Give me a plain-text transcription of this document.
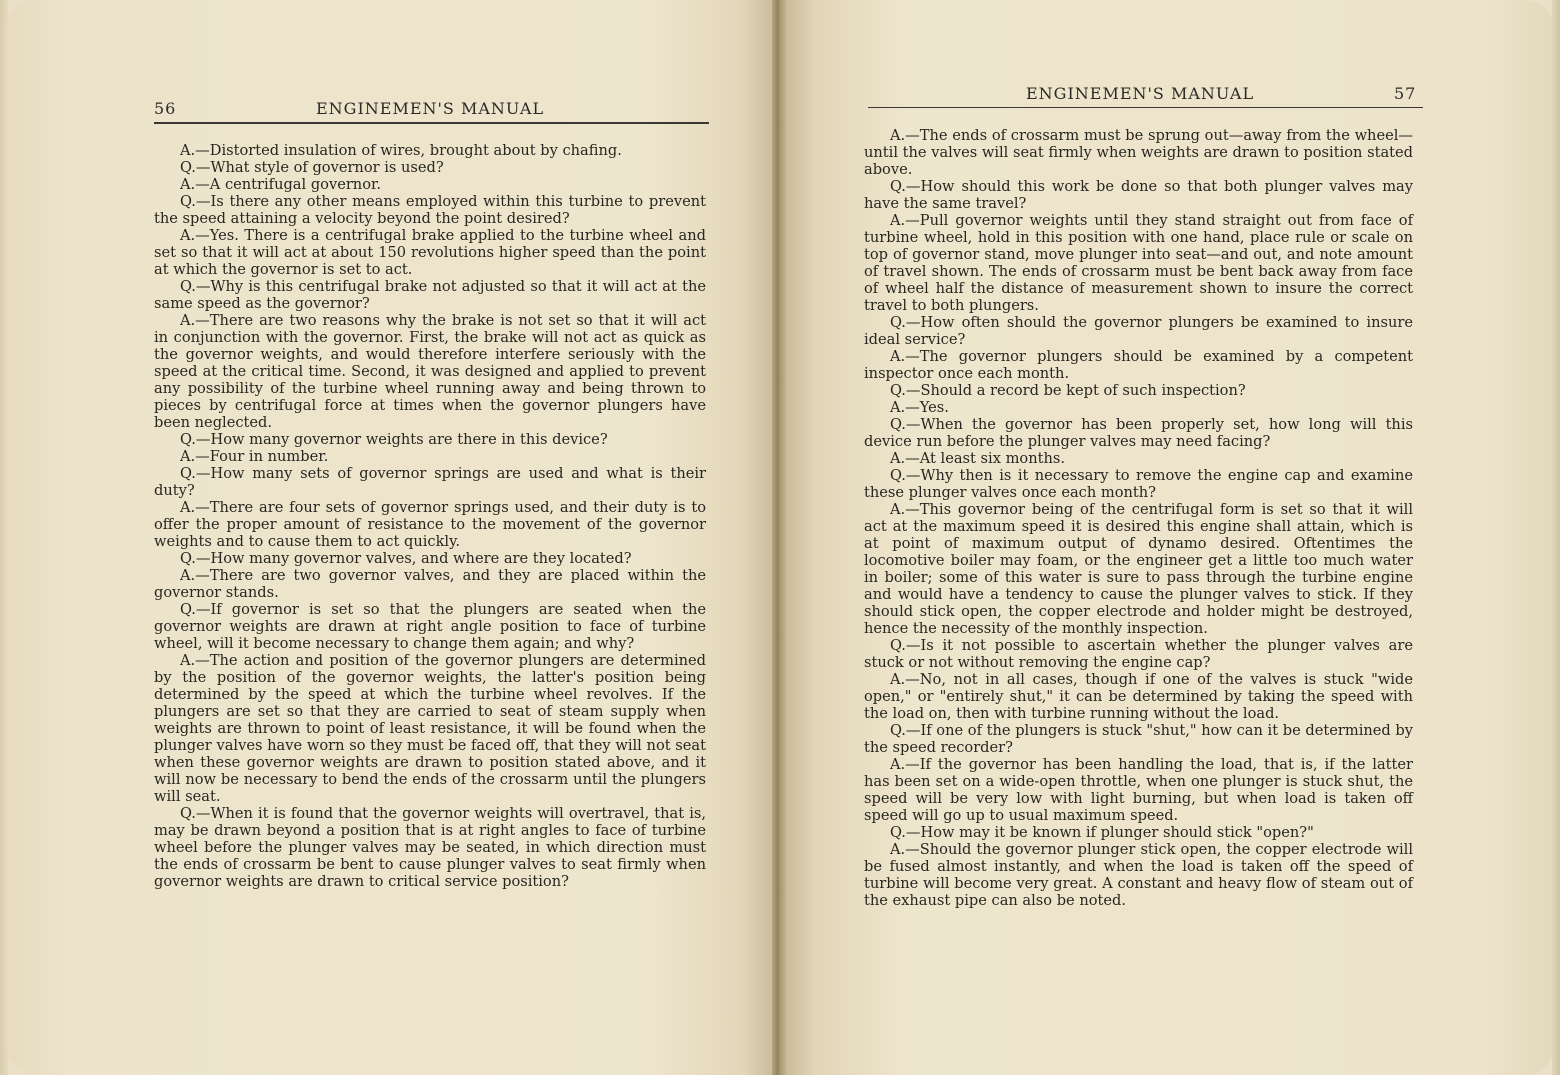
56	ENGINEMEN'S MANUAL

A.—Distorted insulation of wires, brought about by chafing.

Q.—What style of governor is used?

A.—A centrifugal governor.

Q.—Is there any other means employed within this turbine to prevent the speed attaining a velocity beyond the point desired?

A.—Yes. There is a centrifugal brake applied to the turbine wheel and set so that it will act at about 150 revolutions higher speed than the point at which the governor is set to act.

Q.—Why is this centrifugal brake not adjusted so that it will act at the same speed as the governor?

A.—There are two reasons why the brake is not set so that it will act in conjunction with the governor. First, the brake will not act as quick as the governor weights, and would therefore interfere seriously with the speed at the critical time. Second, it was designed and applied to prevent any possibility of the turbine wheel running away and being thrown to pieces by centrifugal force at times when the governor plungers have been neglected.

Q.—How many governor weights are there in this device?

A.—Four in number.

Q.—How many sets of governor springs are used and what is their duty?

A.—There are four sets of governor springs used, and their duty is to offer the proper amount of resistance to the movement of the governor weights and to cause them to act quickly.

Q.—How many governor valves, and where are they located?

A.—There are two governor valves, and they are placed within the governor stands.

Q.—If governor is set so that the plungers are seated when the governor weights are drawn at right angle position to face of turbine wheel, will it become necessary to change them again; and why?

A.—The action and position of the governor plungers are determined by the position of the governor weights, the latter's position being determined by the speed at which the turbine wheel revolves. If the plungers are set so that they are carried to seat of steam supply when weights are thrown to point of least resistance, it will be found when the plunger valves have worn so they must be faced off, that they will not seat when these governor weights are drawn to position stated above, and it will now be necessary to bend the ends of the crossarm until the plungers will seat.

Q.—When it is found that the governor weights will overtravel, that is, may be drawn beyond a position that is at right angles to face of turbine wheel before the plunger valves may be seated, in which direction must the ends of crossarm be bent to cause plunger valves to seat firmly when governor weights are drawn to critical service position?

ENGINEMEN'S MANUAL	57

A.—The ends of crossarm must be sprung out—away from the wheel—until the valves will seat firmly when weights are drawn to position stated above.

Q.—How should this work be done so that both plunger valves may have the same travel?

A.—Pull governor weights until they stand straight out from face of turbine wheel, hold in this position with one hand, place rule or scale on top of governor stand, move plunger into seat—and out, and note amount of travel shown. The ends of crossarm must be bent back away from face of wheel half the distance of measurement shown to insure the correct travel to both plungers.

Q.—How often should the governor plungers be examined to insure ideal service?

A.—The governor plungers should be examined by a competent inspector once each month.

Q.—Should a record be kept of such inspection?

A.—Yes.

Q.—When the governor has been properly set, how long will this device run before the plunger valves may need facing?

A.—At least six months.

Q.—Why then is it necessary to remove the engine cap and examine these plunger valves once each month?

A.—This governor being of the centrifugal form is set so that it will act at the maximum speed it is desired this engine shall attain, which is at point of maximum output of dynamo desired. Oftentimes the locomotive boiler may foam, or the engineer get a little too much water in boiler; some of this water is sure to pass through the turbine engine and would have a tendency to cause the plunger valves to stick. If they should stick open, the copper electrode and holder might be destroyed, hence the necessity of the monthly inspection.

Q.—Is it not possible to ascertain whether the plunger valves are stuck or not without removing the engine cap?

A.—No, not in all cases, though if one of the valves is stuck "wide open," or "entirely shut," it can be determined by taking the speed with the load on, then with turbine running without the load.

Q.—If one of the plungers is stuck "shut," how can it be determined by the speed recorder?

A.—If the governor has been handling the load, that is, if the latter has been set on a wide-open throttle, when one plunger is stuck shut, the speed will be very low with light burning, but when load is taken off speed will go up to usual maximum speed.

Q.—How may it be known if plunger should stick "open?"

A.—Should the governor plunger stick open, the copper electrode will be fused almost instantly, and when the load is taken off the speed of turbine will become very great. A constant and heavy flow of steam out of the exhaust pipe can also be noted.
